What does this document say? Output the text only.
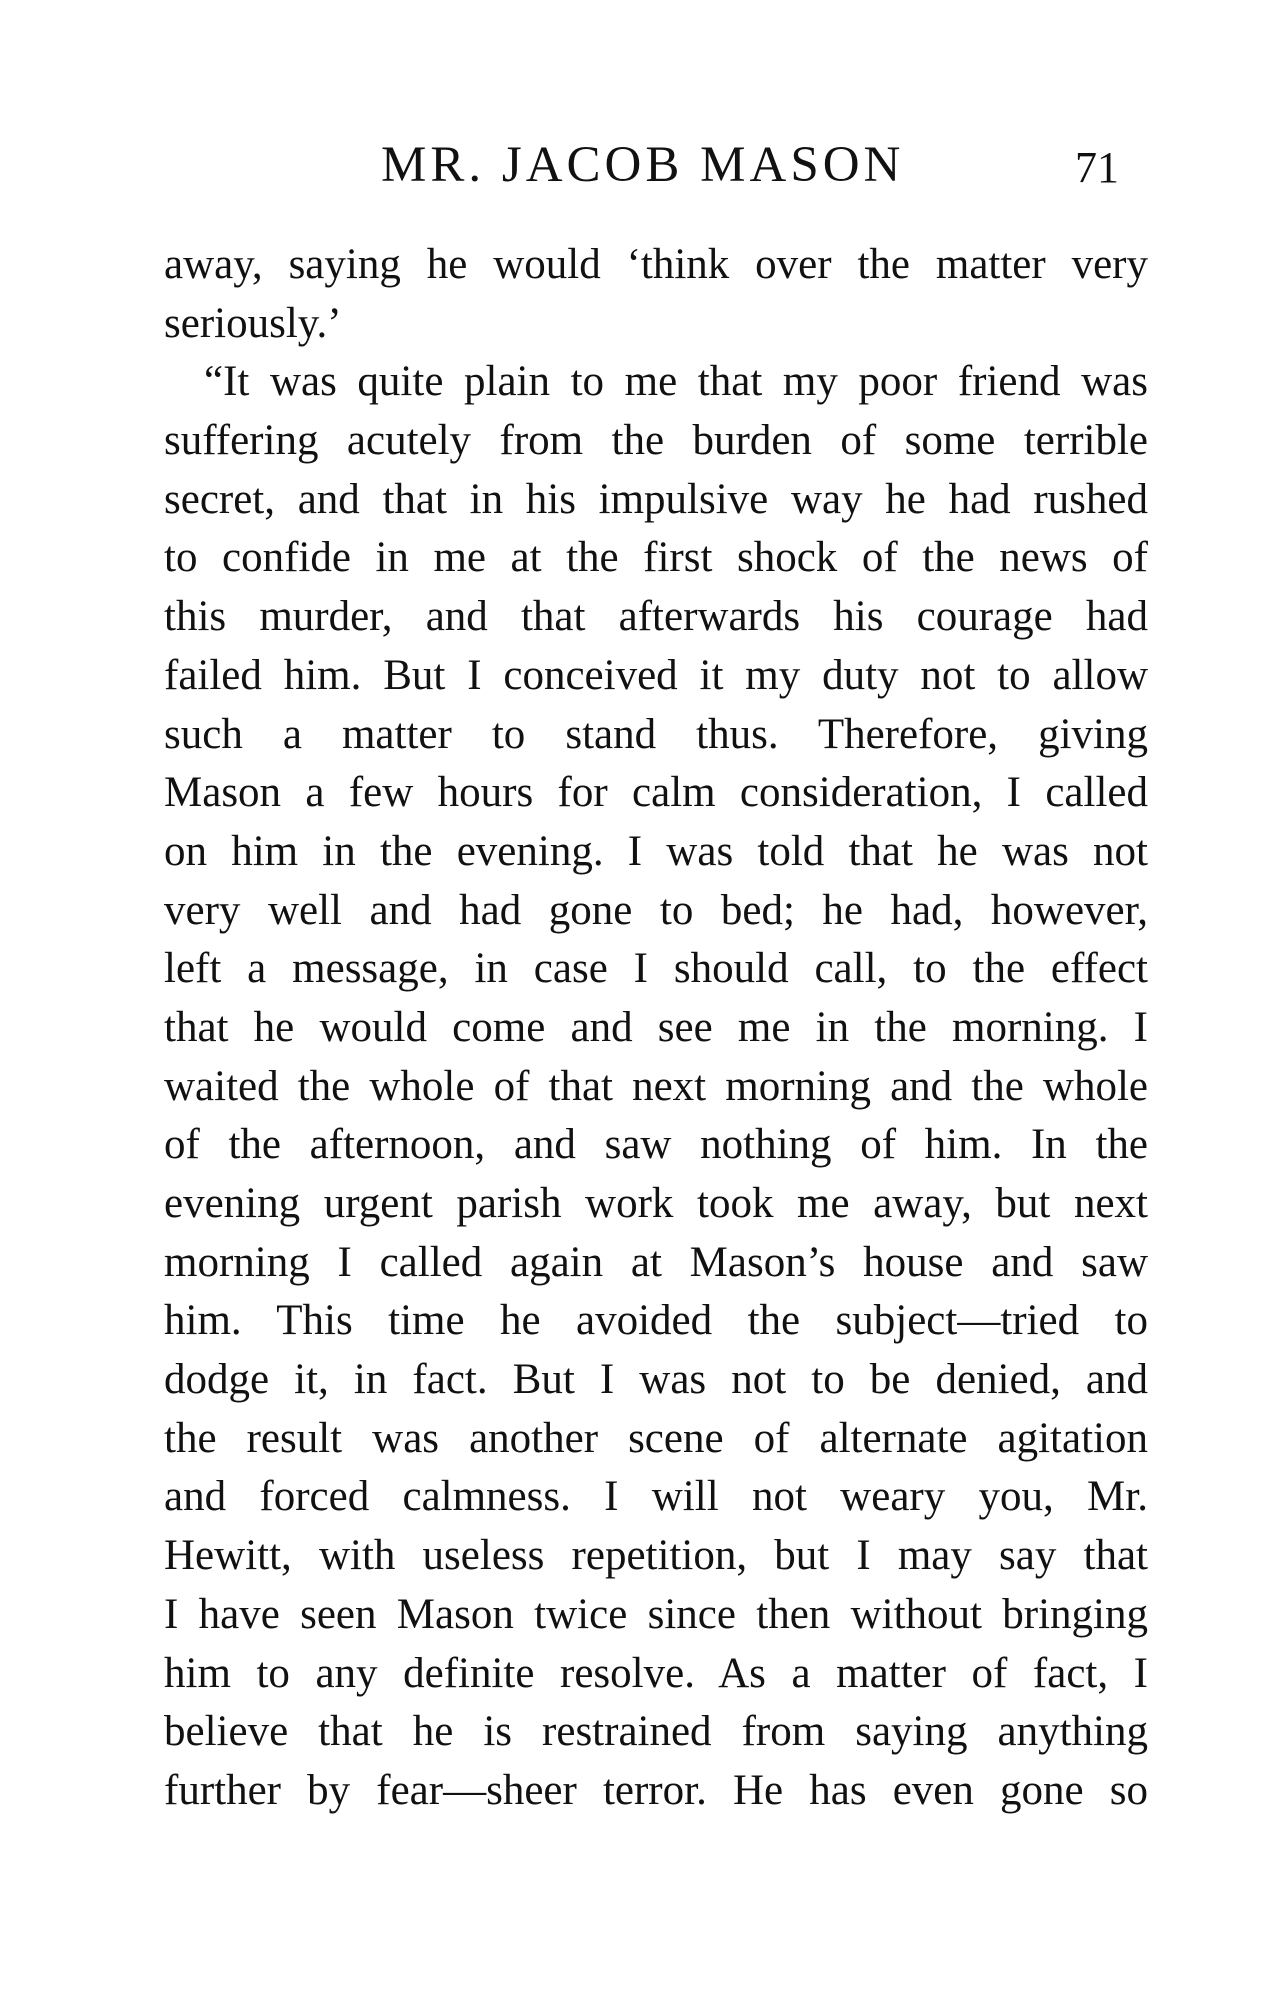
MR. JACOB MASON	71
away, saying he would ‘think over the matter very
seriously.’
“It was quite plain to me that my poor friend was
suffering acutely from the burden of some terrible
secret, and that in his impulsive way he had rushed
to confide in me at the first shock of the news of
this murder, and that afterwards his courage had
failed him. But I conceived it my duty not to allow
such a matter to stand thus. Therefore, giving
Mason a few hours for calm consideration, I called
on him in the evening. I was told that he was not
very well and had gone to bed; he had, however,
left a message, in case I should call, to the effect
that he would come and see me in the morning. I
waited the whole of that next morning and the whole
of the afternoon, and saw nothing of him. In the
evening urgent parish work took me away, but next
morning I called again at Mason’s house and saw
him. This time he avoided the subject—tried to
dodge it, in fact. But I was not to be denied, and
the result was another scene of alternate agitation
and forced calmness. I will not weary you, Mr.
Hewitt, with useless repetition, but I may say that
I have seen Mason twice since then without bringing
him to any definite resolve. As a matter of fact, I
believe that he is restrained from saying anything
further by fear—sheer terror. He has even gone so
